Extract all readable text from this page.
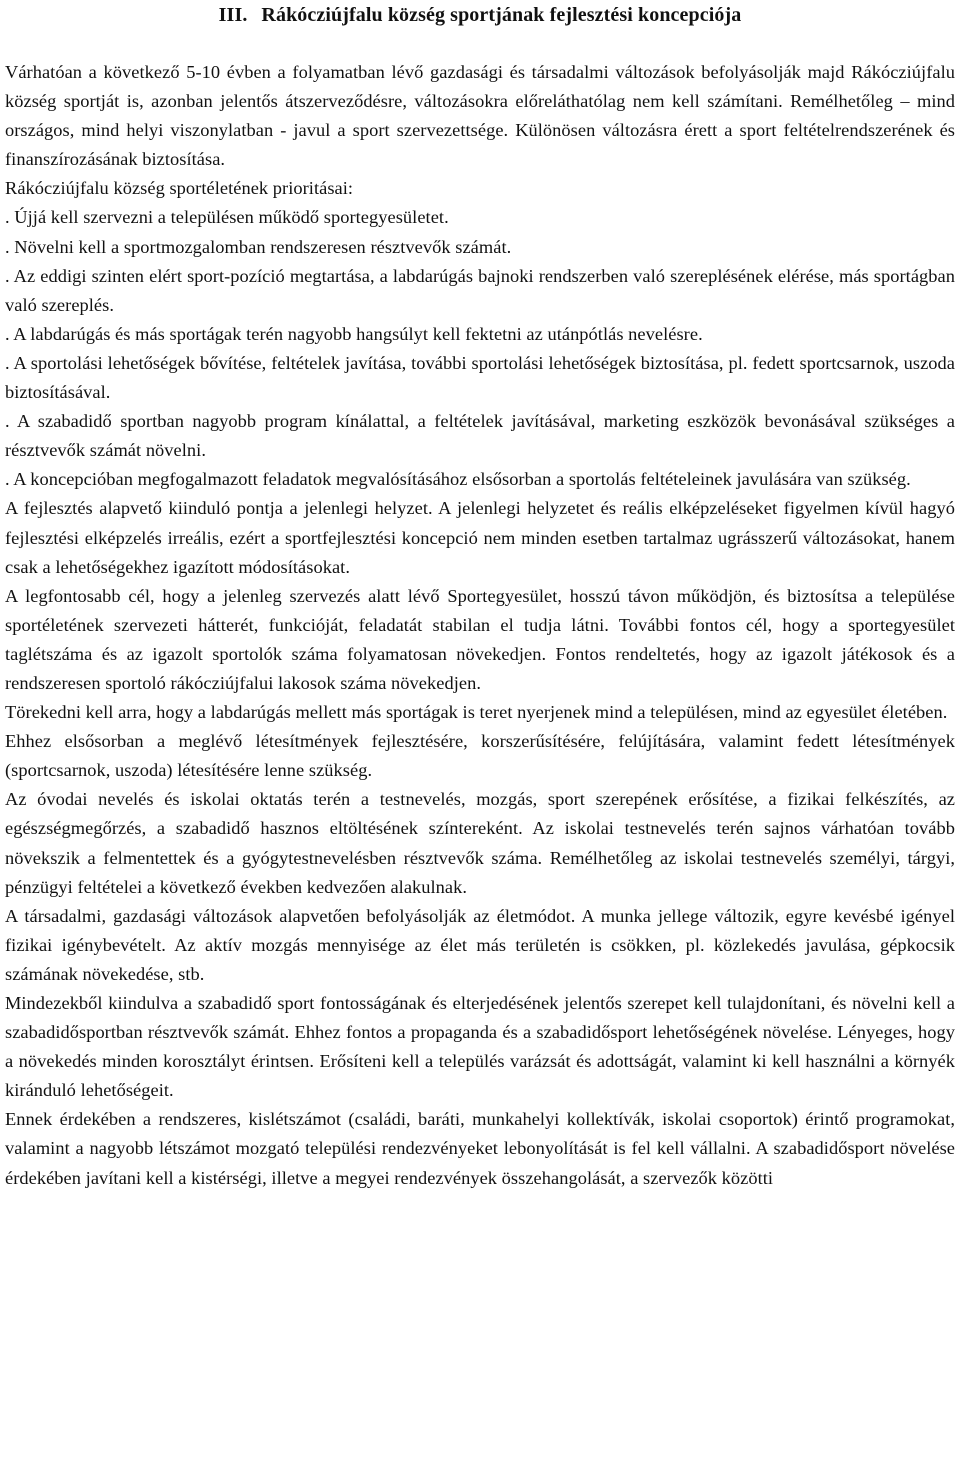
III. Rákócziújfalu község sportjának fejlesztési koncepciója

Várhatóan a következő 5-10 évben a folyamatban lévő gazdasági és társadalmi változások befolyásolják majd Rákócziújfalu község sportját is, azonban jelentős átszerveződésre, változásokra előreláthatólag nem kell számítani. Remélhetőleg – mind országos, mind helyi viszonylatban - javul a sport szervezettsége. Különösen változásra érett a sport feltételrendszerének és finanszírozásának biztosítása.

Rákócziújfalu község sportéletének prioritásai:

. Újjá kell szervezni a településen működő sportegyesületet.

. Növelni kell a sportmozgalomban rendszeresen résztvevők számát.

. Az eddigi szinten elért sport-pozíció megtartása, a labdarúgás bajnoki rendszerben való szereplésének elérése, más sportágban való szereplés.

. A labdarúgás és más sportágak terén nagyobb hangsúlyt kell fektetni az utánpótlás nevelésre.

. A sportolási lehetőségek bővítése, feltételek javítása, további sportolási lehetőségek biztosítása, pl. fedett sportcsarnok, uszoda biztosításával.

. A szabadidő sportban nagyobb program kínálattal, a feltételek javításával, marketing eszközök bevonásával szükséges a résztvevők számát növelni.

. A koncepcióban megfogalmazott feladatok megvalósításához elsősorban a sportolás feltételeinek javulására van szükség.

A fejlesztés alapvető kiinduló pontja a jelenlegi helyzet. A jelenlegi helyzetet és reális elképzeléseket figyelmen kívül hagyó fejlesztési elképzelés irreális, ezért a sportfejlesztési koncepció nem minden esetben tartalmaz ugrásszerű változásokat, hanem csak a lehetőségekhez igazított módosításokat.

A legfontosabb cél, hogy a jelenleg szervezés alatt lévő Sportegyesület, hosszú távon működjön, és biztosítsa a települése sportéletének szervezeti hátterét, funkcióját, feladatát stabilan el tudja látni. További fontos cél, hogy a sportegyesület taglétszáma és az igazolt sportolók száma folyamatosan növekedjen. Fontos rendeltetés, hogy az igazolt játékosok és a rendszeresen sportoló rákócziújfalui lakosok száma növekedjen.

Törekedni kell arra, hogy a labdarúgás mellett más sportágak is teret nyerjenek mind a településen, mind az egyesület életében.

Ehhez elsősorban a meglévő létesítmények fejlesztésére, korszerűsítésére, felújítására, valamint fedett létesítmények (sportcsarnok, uszoda) létesítésére lenne szükség.

Az óvodai nevelés és iskolai oktatás terén a testnevelés, mozgás, sport szerepének erősítése, a fizikai felkészítés, az egészségmegőrzés, a szabadidő hasznos eltöltésének színtereként. Az iskolai testnevelés terén sajnos várhatóan tovább növekszik a felmentettek és a gyógytestnevelésben résztvevők száma. Remélhetőleg az iskolai testnevelés személyi, tárgyi, pénzügyi feltételei a következő években kedvezően alakulnak.

A társadalmi, gazdasági változások alapvetően befolyásolják az életmódot. A munka jellege változik, egyre kevésbé igényel fizikai igénybevételt. Az aktív mozgás mennyisége az élet más területén is csökken, pl. közlekedés javulása, gépkocsik számának növekedése, stb.

Mindezekből kiindulva a szabadidő sport fontosságának és elterjedésének jelentős szerepet kell tulajdonítani, és növelni kell a szabadidősportban résztvevők számát. Ehhez fontos a propaganda és a szabadidősport lehetőségének növelése. Lényeges, hogy a növekedés minden korosztályt érintsen. Erősíteni kell a település varázsát és adottságát, valamint ki kell használni a környék kiránduló lehetőségeit.

Ennek érdekében a rendszeres, kislétszámot (családi, baráti, munkahelyi kollektívák, iskolai csoportok) érintő programokat, valamint a nagyobb létszámot mozgató települési rendezvényeket lebonyolítását is fel kell vállalni. A szabadidősport növelése érdekében javítani kell a kistérségi, illetve a megyei rendezvények összehangolását, a szervezők közötti
